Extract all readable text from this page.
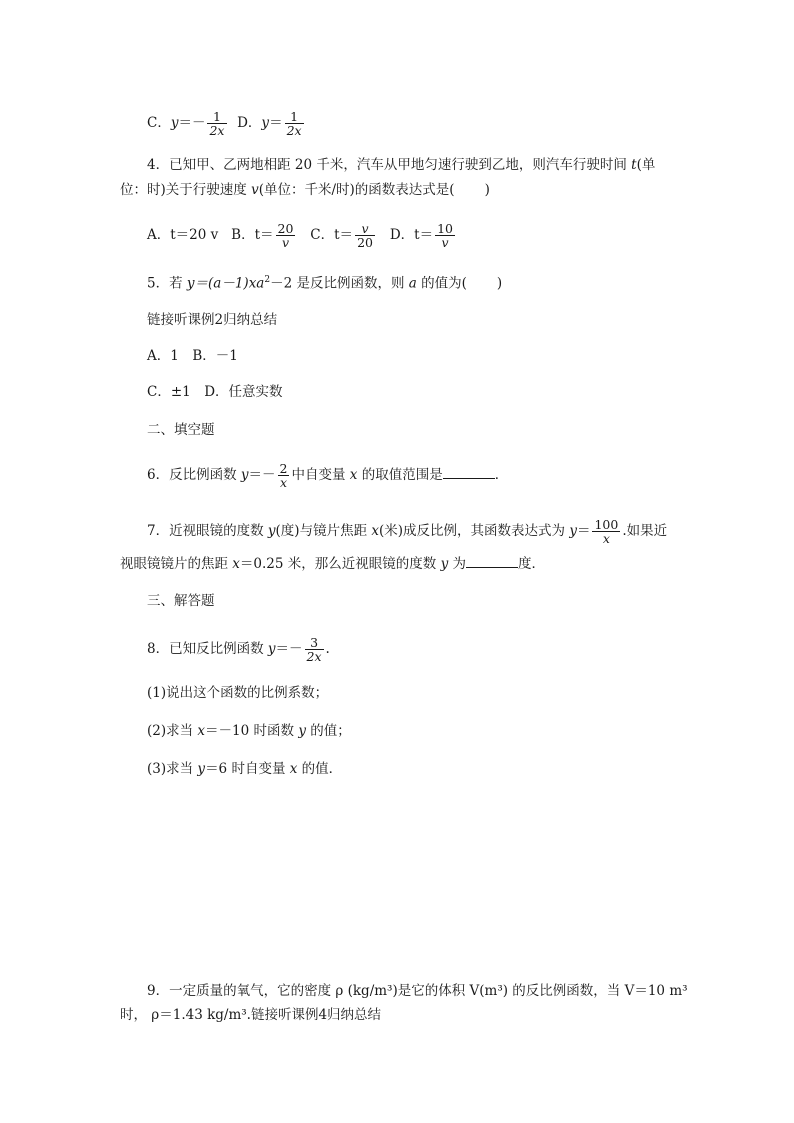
C．$y=- \frac{1}{2x}$ D．$y= \frac{1}{2x}$
4．已知甲、乙两地相距 20 千米，汽车从甲地匀速行驶到乙地，则汽车行驶时间 t(单
位：时)关于行驶速度 v(单位：千米/时)的函数表达式是( )
A．t＝20 v B．$t= \frac{20}{v}$ C．$t= \frac{v}{20}$ D．$t= \frac{10}{v}$
5．若 $y=(a-1)xa^2-2$ 是反比例函数，则 a 的值为( )
链接听课例2归纳总结
A．1　B．－1
C．±1　D．任意实数
二、填空题
6．反比例函数 $y=- \frac{2}{x}$ 中自变量 x 的取值范围是	．
7．近视眼镜的度数 y(度)与镜片焦距 x(米)成反比例，其函数表达式为 $y= \frac{100}{x}$ .如果近
视眼镜镜片的焦距 x＝0.25 米，那么近视眼镜的度数 y 为	度．
三、解答题
8．已知反比例函数 $y=- \frac{3}{2x}$ .
(1)说出这个函数的比例系数；
(2)求当 x＝－10 时函数 y 的值；
(3)求当 y＝6 时自变量 x 的值．
9．一定质量的氧气，它的密度 ρ (kg/m³)是它的体积 V(m³) 的反比例函数，当 V＝10 m³
时， ρ＝1.43 kg/m³.链接听课例4归纳总结
